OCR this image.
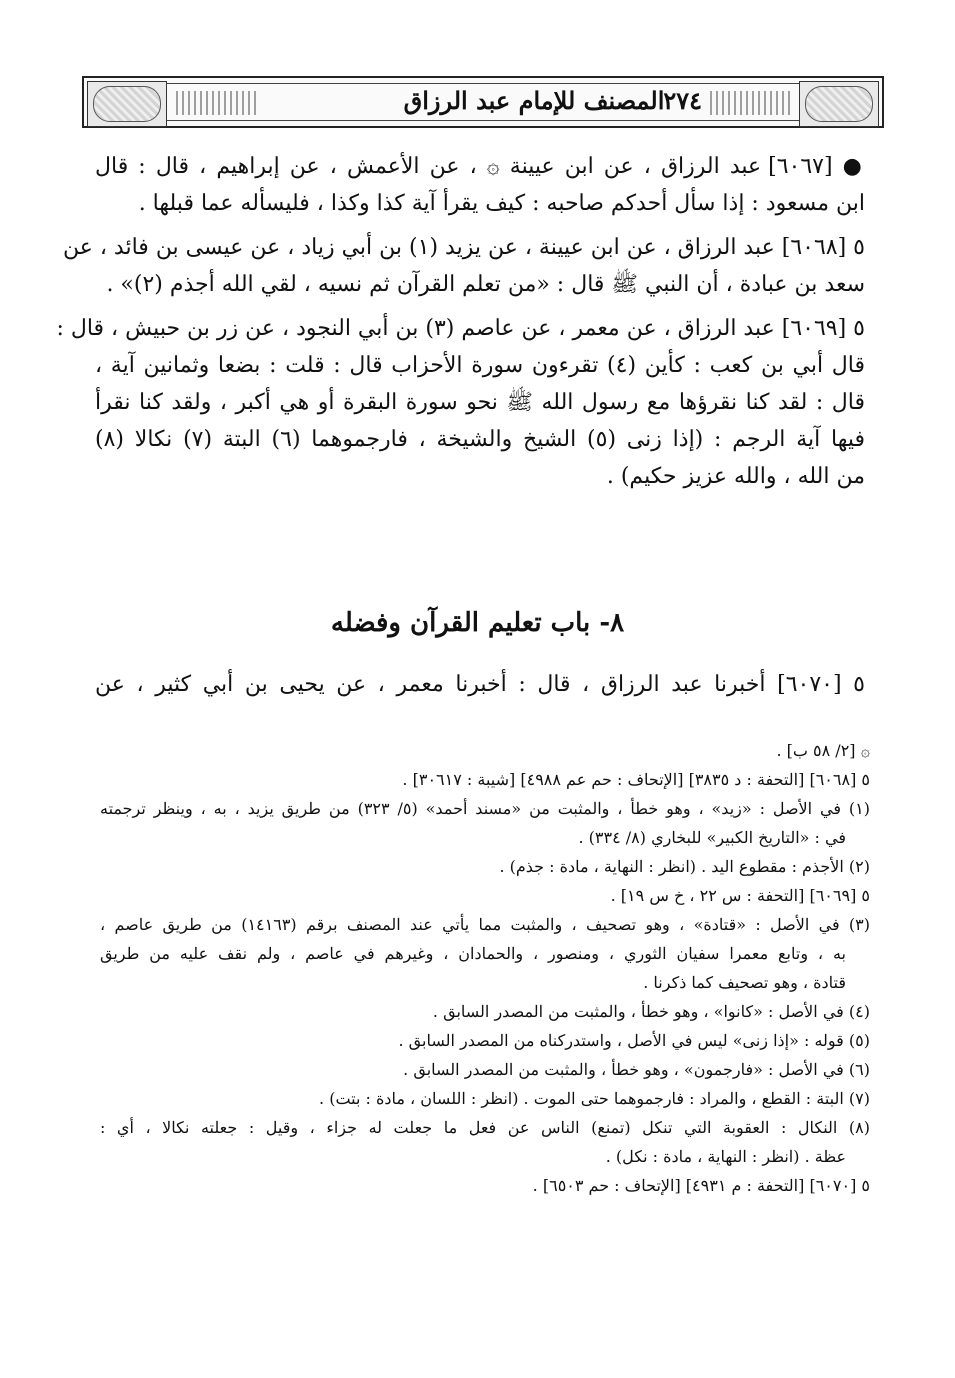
المصنف للإمام عبد الرزاق
٢٧٤
● [٦٠٦٧] عبد الرزاق ، عن ابن عيينة ۞ ، عن الأعمش ، عن إبراهيم ، قال : قال
ابن مسعود : إذا سأل أحدكم صاحبه : كيف يقرأ آية كذا وكذا ، فليسأله عما قبلها .
٥ [٦٠٦٨] عبد الرزاق ، عن ابن عيينة ، عن يزيد (١) بن أبي زياد ، عن عيسى بن فائد ، عن
سعد بن عبادة ، أن النبي ﷺ قال : «من تعلم القرآن ثم نسيه ، لقي الله أجذم (٢)» .
٥ [٦٠٦٩] عبد الرزاق ، عن معمر ، عن عاصم (٣) بن أبي النجود ، عن زر بن حبيش ، قال :
قال أبي بن كعب : كأين (٤) تقرءون سورة الأحزاب قال : قلت : بضعا وثمانين آية ،
قال : لقد كنا نقرؤها مع رسول الله ﷺ نحو سورة البقرة أو هي أكبر ، ولقد كنا نقرأ
فيها آية الرجم : (إذا زنى (٥) الشيخ والشيخة ، فارجموهما (٦) البتة (٧) نكالا (٨)
من الله ، والله عزيز حكيم) .
٨- باب تعليم القرآن وفضله
٥ [٦٠٧٠] أخبرنا عبد الرزاق ، قال : أخبرنا معمر ، عن يحيى بن أبي كثير ، عن
۞ [٢/ ٥٨ ب] .
٥ [٦٠٦٨] [التحفة : د ٣٨٣٥] [الإتحاف : حم عم ٤٩٨٨] [شيبة : ٣٠٦١٧] .
(١) في الأصل : «زيد» ، وهو خطأ ، والمثبت من «مسند أحمد» (٥/ ٣٢٣) من طريق يزيد ، به ، وينظر ترجمته
في : «التاريخ الكبير» للبخاري (٨/ ٣٣٤) .
(٢) الأجذم : مقطوع اليد . (انظر : النهاية ، مادة : جذم) .
٥ [٦٠٦٩] [التحفة : س ٢٢ ، خ س ١٩] .
(٣) في الأصل : «قتادة» ، وهو تصحيف ، والمثبت مما يأتي عند المصنف برقم (١٤١٦٣) من طريق عاصم ،
به ، وتابع معمرا سفيان الثوري ، ومنصور ، والحمادان ، وغيرهم في عاصم ، ولم نقف عليه من طريق
قتادة ، وهو تصحيف كما ذكرنا .
(٤) في الأصل : «كانوا» ، وهو خطأ ، والمثبت من المصدر السابق .
(٥) قوله : «إذا زنى» ليس في الأصل ، واستدركناه من المصدر السابق .
(٦) في الأصل : «فارجمون» ، وهو خطأ ، والمثبت من المصدر السابق .
(٧) البتة : القطع ، والمراد : فارجموهما حتى الموت . (انظر : اللسان ، مادة : بتت) .
(٨) النكال : العقوبة التي تنكل (تمنع) الناس عن فعل ما جعلت له جزاء ، وقيل : جعلته نكالا ، أي :
عظة . (انظر : النهاية ، مادة : نكل) .
٥ [٦٠٧٠] [التحفة : م ٤٩٣١] [الإتحاف : حم ٦٥٠٣] .
